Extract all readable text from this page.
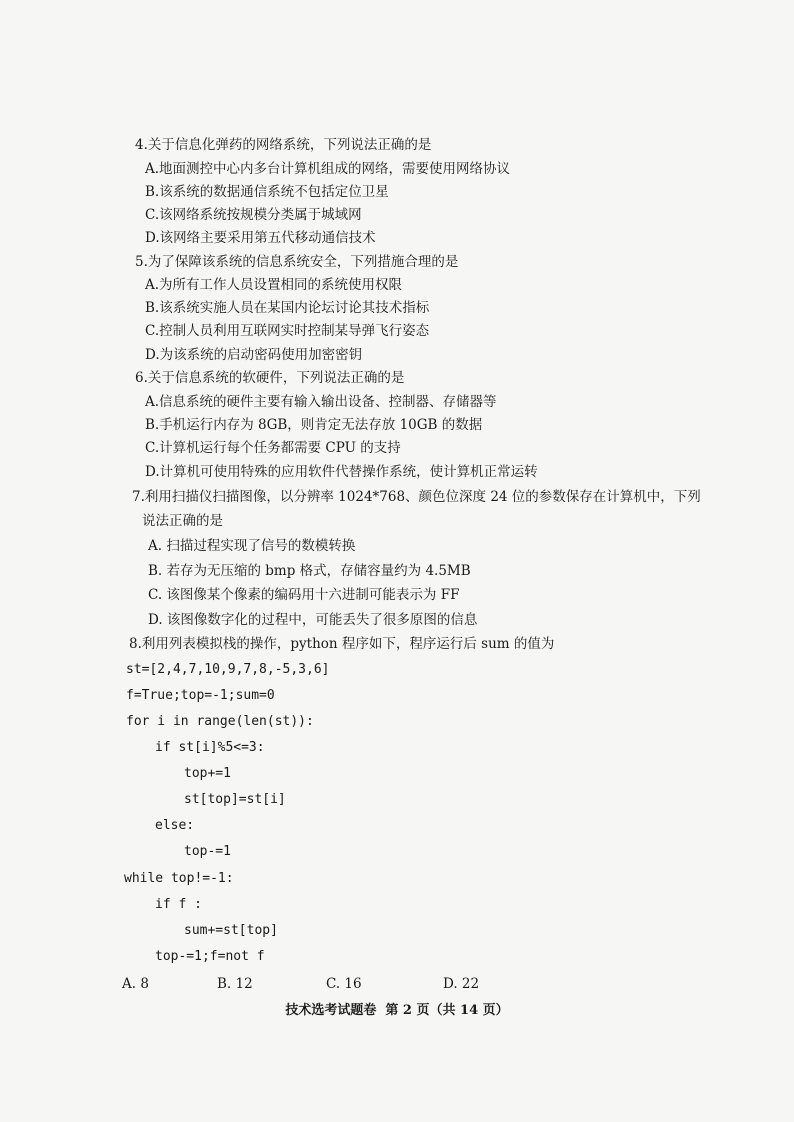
4.关于信息化弹药的网络系统，下列说法正确的是
A.地面测控中心内多台计算机组成的网络，需要使用网络协议
B.该系统的数据通信系统不包括定位卫星
C.该网络系统按规模分类属于城域网
D.该网络主要采用第五代移动通信技术
5.为了保障该系统的信息系统安全，下列措施合理的是
A.为所有工作人员设置相同的系统使用权限
B.该系统实施人员在某国内论坛讨论其技术指标
C.控制人员利用互联网实时控制某导弹飞行姿态
D.为该系统的启动密码使用加密密钥
6.关于信息系统的软硬件，下列说法正确的是
A.信息系统的硬件主要有输入输出设备、控制器、存储器等
B.手机运行内存为 8GB，则肯定无法存放 10GB 的数据
C.计算机运行每个任务都需要 CPU 的支持
D.计算机可使用特殊的应用软件代替操作系统，使计算机正常运转
7.利用扫描仪扫描图像，以分辨率 1024*768、颜色位深度 24 位的参数保存在计算机中，下列
说法正确的是
A. 扫描过程实现了信号的数模转换
B. 若存为无压缩的 bmp 格式，存储容量约为 4.5MB
C. 该图像某个像素的编码用十六进制可能表示为 FF
D. 该图像数字化的过程中，可能丢失了很多原图的信息
8.利用列表模拟栈的操作，python 程序如下，程序运行后 sum 的值为
st=[2,4,7,10,9,7,8,-5,3,6]
f=True;top=-1;sum=0
for i in range(len(st)):
if st[i]%5<=3:
top+=1
st[top]=st[i]
else:
top-=1
while top!=-1:
if f :
sum+=st[top]
top-=1;f=not f
A. 8	B. 12	C. 16	D. 22
技术选考试题卷  第 2 页（共 14 页）
